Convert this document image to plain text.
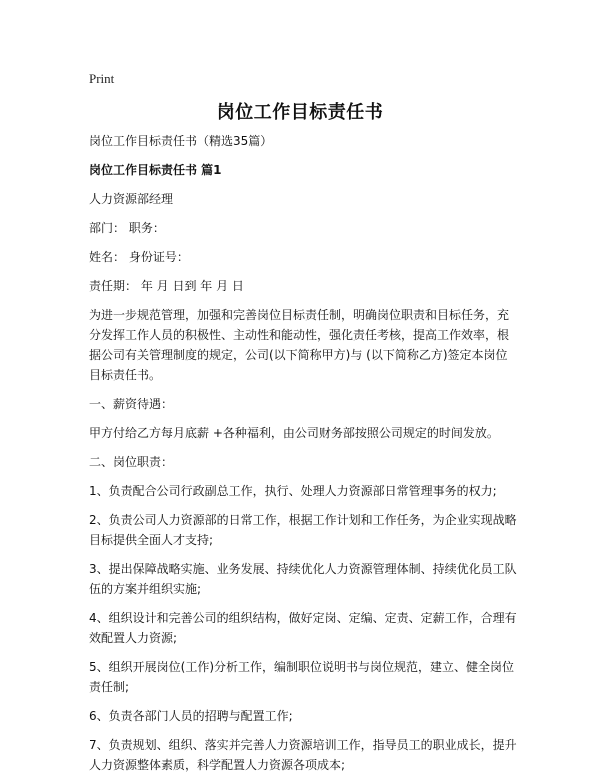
Print
岗位工作目标责任书

岗位工作目标责任书（精选35篇）

岗位工作目标责任书 篇1

人力资源部经理

部门： 职务：

姓名： 身份证号：

责任期： 年 月 日到 年 月 日

为进一步规范管理，加强和完善岗位目标责任制，明确岗位职责和目标任务，充分发挥工作人员的积极性、主动性和能动性，强化责任考核，提高工作效率，根据公司有关管理制度的规定，公司(以下简称甲方)与 (以下简称乙方)签定本岗位目标责任书。

一、薪资待遇：

甲方付给乙方每月底薪 +各种福利，由公司财务部按照公司规定的时间发放。

二、岗位职责：

1、负责配合公司行政副总工作，执行、处理人力资源部日常管理事务的权力;

2、负责公司人力资源部的日常工作，根据工作计划和工作任务，为企业实现战略目标提供全面人才支持;

3、提出保障战略实施、业务发展、持续优化人力资源管理体制、持续优化员工队伍的方案并组织实施;

4、组织设计和完善公司的组织结构，做好定岗、定编、定责、定薪工作，合理有效配置人力资源;

5、组织开展岗位(工作)分析工作，编制职位说明书与岗位规范，建立、健全岗位责任制;

6、负责各部门人员的招聘与配置工作;

7、负责规划、组织、落实并完善人力资源培训工作，指导员工的职业成长，提升人力资源整体素质，科学配置人力资源各项成本;
